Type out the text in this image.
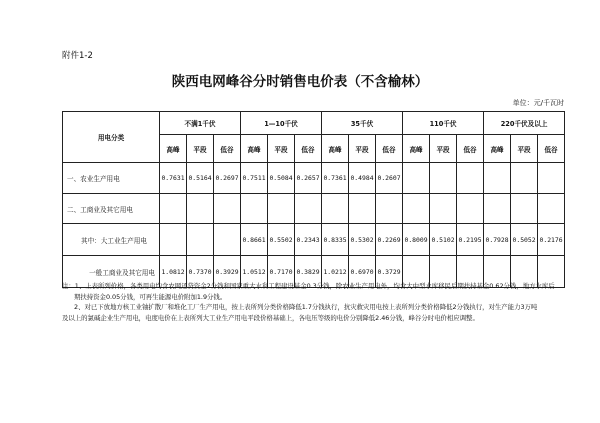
附件1-2
陕西电网峰谷分时销售电价表（不含榆林）
单位：元/千瓦时
用电分类	不满1千伏			1—10千伏			35千伏			110千伏			220千伏及以上		
	高峰	平段	低谷	高峰	平段	低谷	高峰	平段	低谷	高峰	平段	低谷	高峰	平段	低谷
一、农业生产用电	0.7631	0.5164	0.2697	0.7511	0.5084	0.2657	0.7361	0.4984	0.2607						
二、工商业及其它用电															
其中：大工业生产用电				0.8661	0.5502	0.2343	0.8335	0.5302	0.2269	0.8009	0.5102	0.2195	0.7928	0.5052	0.2176
一般工商业及其它用电	1.0812	0.7370	0.3929	1.0512	0.7170	0.3829	1.0212	0.6970	0.3729						

注：1、上表所列价格，各类用电均含农网还贷资金2分钱和国家重大水利工程建设基金0.3分钱，除农业生产用电外，均含大中型水库移民后期扶持基金0.62分钱，地方水库后

期扶持资金0.05分钱，可再生能源电价附加1.9分钱。

2、对已下放地方核工业铀扩散厂和堆化工厂生产用电，按上表所列分类价格降低1.7分钱执行，抗灾救灾用电按上表所列分类价格降低2分钱执行，对生产能力3万吨

及以上的氯碱企业生产用电，电度电价在上表所列大工业生产用电平段价格基础上，各电压等级的电价分别降低2.46分钱，峰谷分时电价相应调整。
